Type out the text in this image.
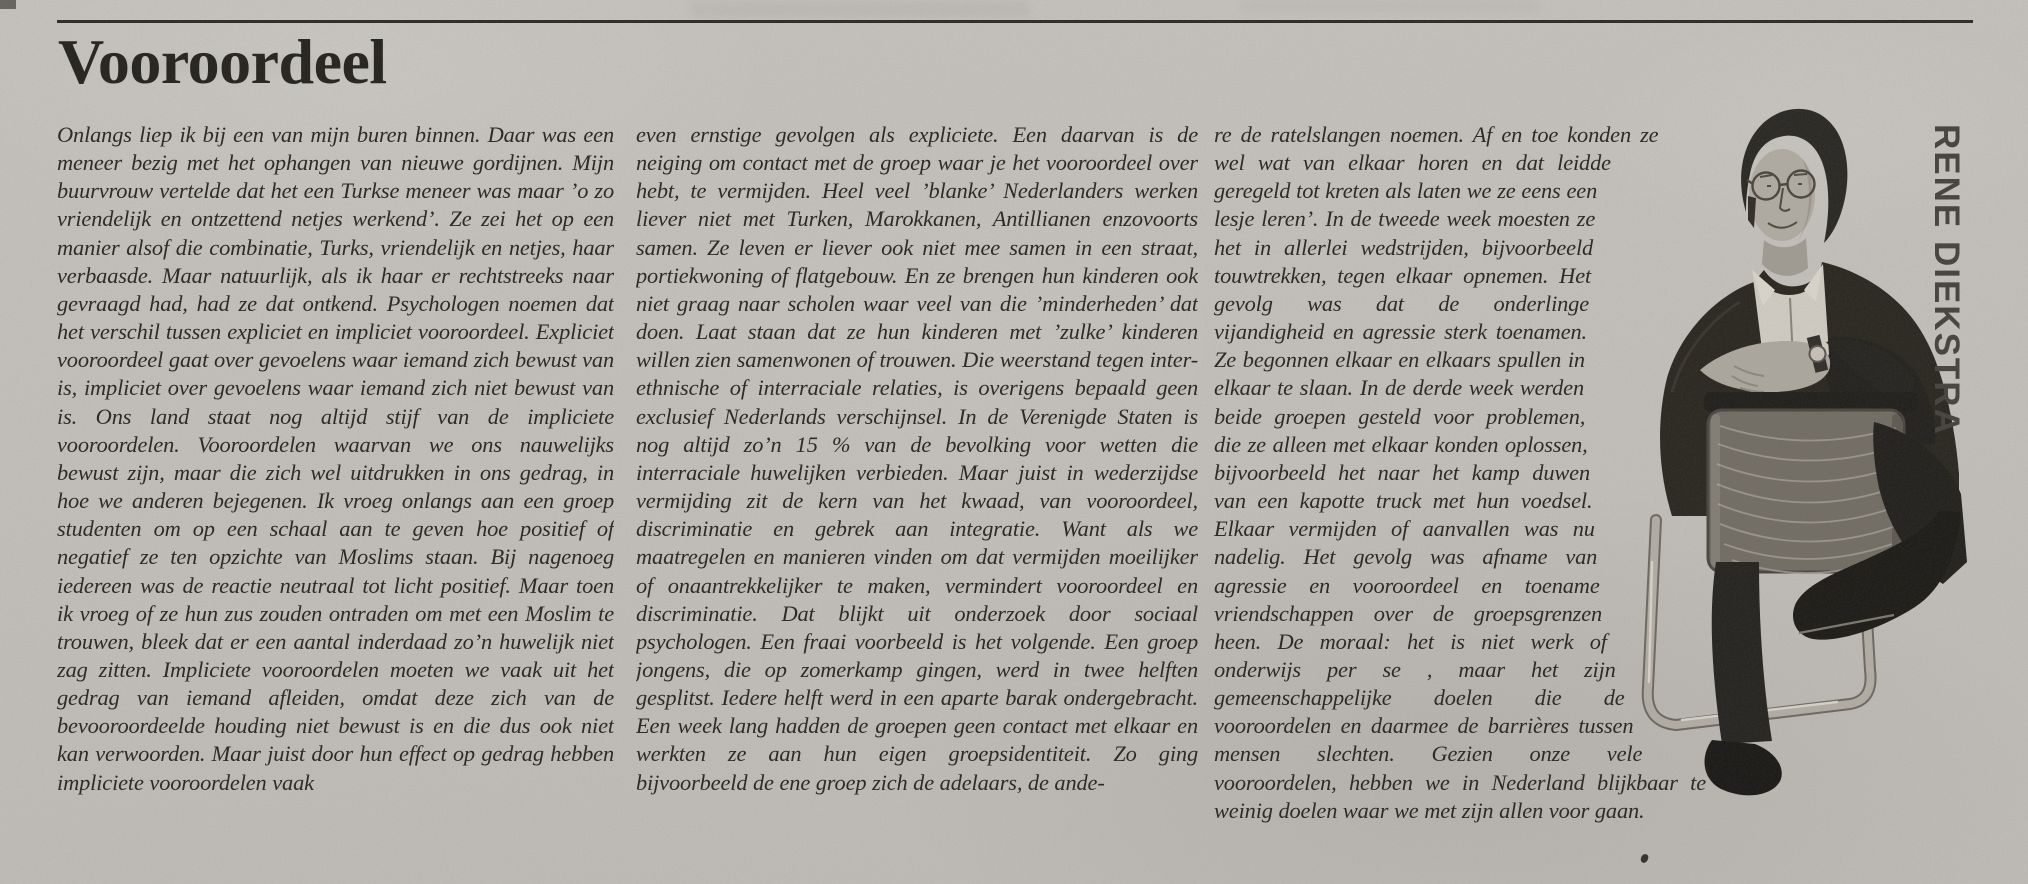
Vooroordeel
Onlangs liep ik bij een van mijn buren binnen. Daar was een meneer bezig met het ophangen van nieuwe gordijnen. Mijn buurvrouw vertelde dat het een Turkse meneer was maar ’o zo vriendelijk en ontzettend netjes werkend’. Ze zei het op een manier alsof die combinatie, Turks, vriendelijk en netjes, haar verbaasde. Maar natuurlijk, als ik haar er rechtstreeks naar gevraagd had, had ze dat ontkend. Psychologen noemen dat het verschil tussen expliciet en impliciet vooroordeel. Expliciet vooroordeel gaat over gevoelens waar iemand zich bewust van is, impliciet over gevoelens waar iemand zich niet bewust van is. Ons land staat nog altijd stijf van de impliciete vooroordelen. Vooroordelen waarvan we ons nauwelijks bewust zijn, maar die zich wel uitdrukken in ons gedrag, in hoe we anderen bejegenen. Ik vroeg onlangs aan een groep studenten om op een schaal aan te geven hoe positief of negatief ze ten opzichte van Moslims staan. Bij nagenoeg iedereen was de reactie neutraal tot licht positief. Maar toen ik vroeg of ze hun zus zouden ontraden om met een Moslim te trouwen, bleek dat er een aantal inderdaad zo’n huwelijk niet zag zitten. Impliciete vooroordelen moeten we vaak uit het gedrag van iemand afleiden, omdat deze zich van de bevooroordeelde houding niet bewust is en die dus ook niet kan verwoorden. Maar juist door hun effect op gedrag hebben impliciete vooroordelen vaak
even ernstige gevolgen als expliciete. Een daarvan is de neiging om contact met de groep waar je het vooroordeel over hebt, te vermijden. Heel veel ’blanke’ Nederlanders werken liever niet met Turken, Marokkanen, Antillianen enzovoorts samen. Ze leven er liever ook niet mee samen in een straat, portiekwoning of flatgebouw. En ze brengen hun kinderen ook niet graag naar scholen waar veel van die ’minderheden’ dat doen. Laat staan dat ze hun kinderen met ’zulke’ kinderen willen zien samenwonen of trouwen. Die weerstand tegen inter-ethnische of interraciale relaties, is overigens bepaald geen exclusief Nederlands verschijnsel. In de Verenigde Staten is nog altijd zo’n 15 % van de bevolking voor wetten die interraciale huwelijken verbieden. Maar juist in wederzijdse vermijding zit de kern van het kwaad, van vooroordeel, discriminatie en gebrek aan integratie. Want als we maatregelen en manieren vinden om dat vermijden moeilijker of onaantrekkelijker te maken, vermindert vooroordeel en discriminatie. Dat blijkt uit onderzoek door sociaal psychologen. Een fraai voorbeeld is het volgende. Een groep jongens, die op zomerkamp gingen, werd in twee helften gesplitst. Iedere helft werd in een aparte barak ondergebracht. Een week lang hadden de groepen geen contact met elkaar en werkten ze aan hun eigen groepsidentiteit. Zo ging bijvoorbeeld de ene groep zich de adelaars, de ande-
re de ratelslangen noemen. Af en toe konden ze wel wat van elkaar horen en dat leidde geregeld tot kreten als laten we ze eens een lesje leren’. In de tweede week moesten ze het in allerlei wedstrijden, bijvoorbeeld touwtrekken, tegen elkaar opnemen. Het gevolg was dat de onderlinge vijandigheid en agressie sterk toenamen. Ze begonnen elkaar en elkaars spullen in elkaar te slaan. In de derde week werden beide groepen gesteld voor problemen, die ze alleen met elkaar konden oplossen, bijvoorbeeld het naar het kamp duwen van een kapotte truck met hun voedsel. Elkaar vermijden of aanvallen was nu nadelig. Het gevolg was afname van agressie en vooroordeel en toename vriendschappen over de groepsgrenzen heen. De moraal: het is niet werk of onderwijs per se , maar het zijn gemeenschappelijke doelen die de vooroordelen en daarmee de barrières tussen mensen slechten. Gezien onze vele vooroordelen, hebben we in Nederland blijkbaar te weinig doelen waar we met zijn allen voor gaan.
RENE DIEKSTRA
